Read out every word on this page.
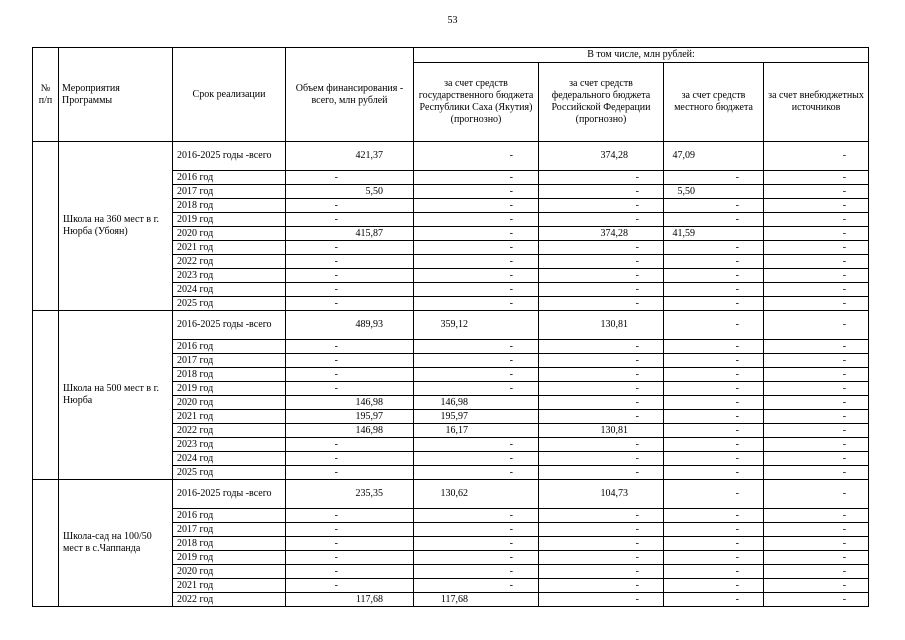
53
№ п/п	Мероприятия Программы	Срок реализации	Объем финансирования - всего, млн рублей	В том числе, млн рублей:			
				за счет средств государственного бюджета Республики Саха (Якутия) (прогнозно)	за счет средств федерального бюджета Российской Федерации (прогнозно)	за счет средств местного бюджета	за счет внебюджетных источников
	Школа на 360 мест в г. Нюрба (Убоян)	2016-2025 годы -всего	421,37	-	374,28	47,09	-
		2016 год	-	-	-	-	-
		2017 год	5,50	-	-	5,50	-
		2018 год	-	-	-	-	-
		2019 год	-	-	-	-	-
		2020 год	415,87	-	374,28	41,59	-
		2021 год	-	-	-	-	-
		2022 год	-	-	-	-	-
		2023 год	-	-	-	-	-
		2024 год	-	-	-	-	-
		2025 год	-	-	-	-	-
	Школа на 500 мест в г. Нюрба	2016-2025 годы -всего	489,93	359,12	130,81	-	-
		2016 год	-	-	-	-	-
		2017 год	-	-	-	-	-
		2018 год	-	-	-	-	-
		2019 год	-	-	-	-	-
		2020 год	146,98	146,98	-	-	-
		2021 год	195,97	195,97	-	-	-
		2022 год	146,98	16,17	130,81	-	-
		2023 год	-	-	-	-	-
		2024 год	-	-	-	-	-
		2025 год	-	-	-	-	-
	Школа-сад на 100/50 мест в с.Чаппанда	2016-2025 годы -всего	235,35	130,62	104,73	-	-
		2016 год	-	-	-	-	-
		2017 год	-	-	-	-	-
		2018 год	-	-	-	-	-
		2019 год	-	-	-	-	-
		2020 год	-	-	-	-	-
		2021 год	-	-	-	-	-
		2022 год	117,68	117,68	-	-	-
